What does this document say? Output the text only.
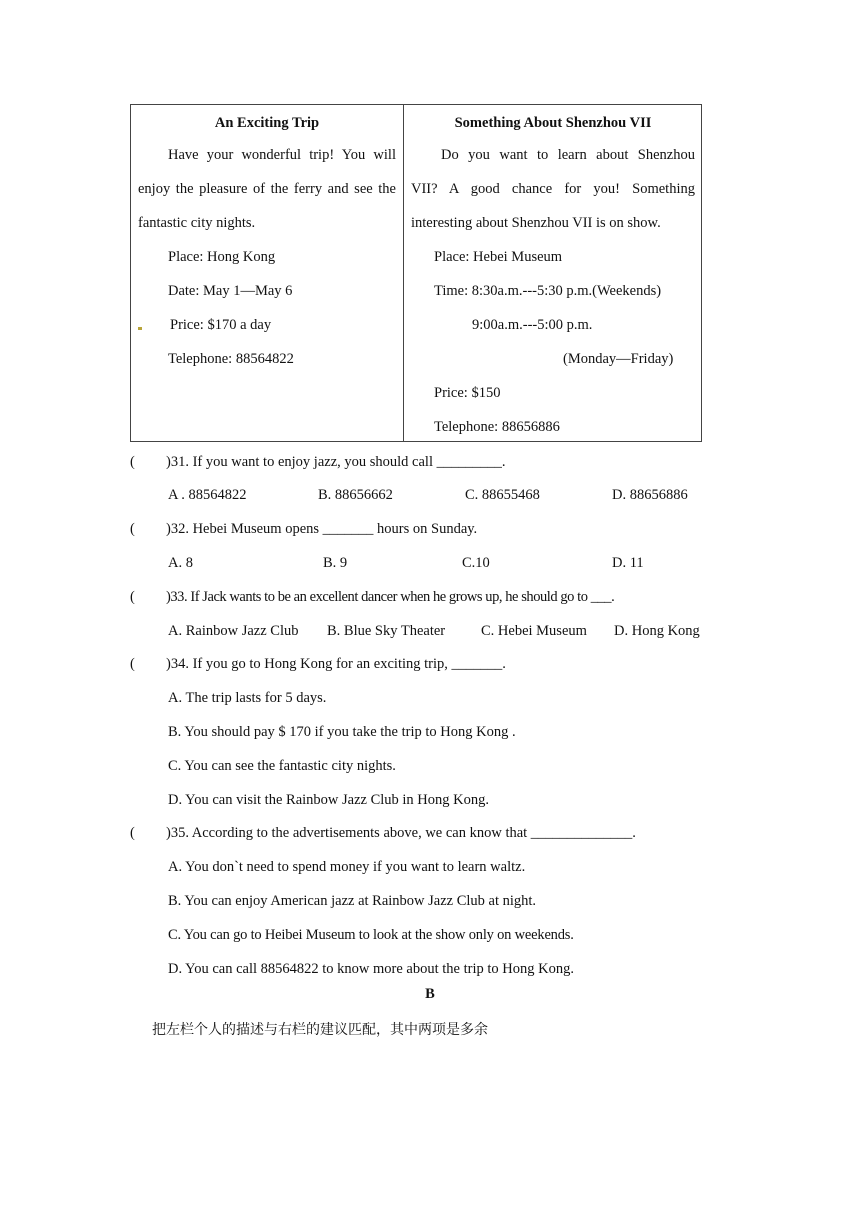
An Exciting Trip
Have your wonderful trip! You will
enjoy the pleasure of the ferry and see the
fantastic city nights.
Place: Hong Kong
Date: May 1—May 6
Price: $170 a day
Telephone: 88564822
Something About Shenzhou VII
Do you want to learn about Shenzhou
VII? A good chance for you! Something
interesting about Shenzhou VII is on show.
Place: Hebei Museum
Time: 8:30a.m.---5:30 p.m.(Weekends)
9:00a.m.---5:00 p.m.
(Monday—Friday)
Price: $150
Telephone: 88656886
( )31. If you want to enjoy jazz, you should call _________.
A . 88564822	B. 88656662	C. 88655468	D. 88656886
( )32. Hebei Museum opens _______ hours on Sunday.
A. 8	B. 9	C.10	D. 11
( )33. If Jack wants to be an excellent dancer when he grows up, he should go to ___.
A. Rainbow Jazz Club B. Blue Sky Theater C. Hebei Museum D. Hong Kong
( )34. If you go to Hong Kong for an exciting trip, _______.
A. The trip lasts for 5 days.
B. You should pay $ 170 if you take the trip to Hong Kong .
C. You can see the fantastic city nights.
D. You can visit the Rainbow Jazz Club in Hong Kong.
( )35. According to the advertisements above, we can know that ______________.
A. You don`t need to spend money if you want to learn waltz.
B. You can enjoy American jazz at Rainbow Jazz Club at night.
C. You can go to Heibei Museum to look at the show only on weekends.
D. You can call 88564822 to know more about the trip to Hong Kong.
B
把左栏个人的描述与右栏的建议匹配，其中两项是多余
